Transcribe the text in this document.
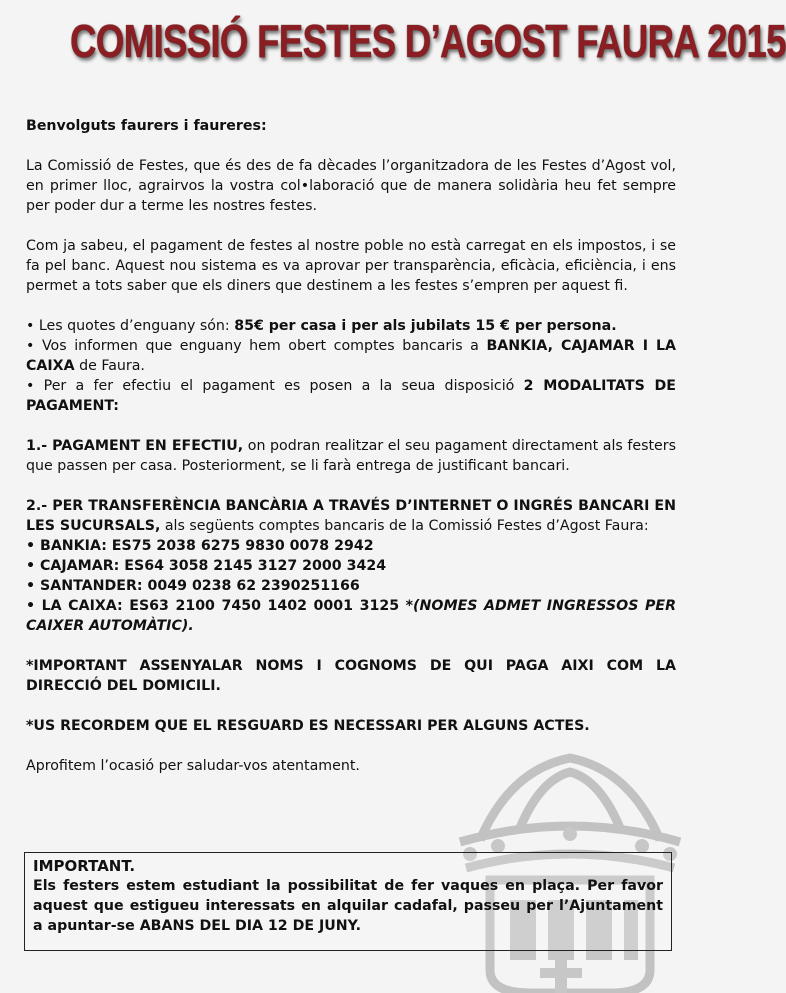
COMISSIÓ FESTES D’AGOST FAURA 2015

Benvolguts faurers i faureres:

La Comissió de Festes, que és des de fa dècades l’organitzadora de les Festes d’Agost vol, en primer lloc, agrairvos la vostra col•laboració que de manera solidària heu fet sempre per poder dur a terme les nostres festes.

Com ja sabeu, el pagament de festes al nostre poble no està carregat en els impostos, i se fa pel banc. Aquest nou sistema es va aprovar per transparència, eficàcia, eficiència, i ens permet a tots saber que els diners que destinem a les festes s’empren per aquest fi.

• Les quotes d’enguany són: 85€ per casa i per als jubilats 15 € per persona.

• Vos informen que enguany hem obert comptes bancaris a BANKIA, CAJAMAR I LA CAIXA de Faura.

• Per a fer efectiu el pagament es posen a la seua disposició 2 MODALITATS DE PAGAMENT:

1.- PAGAMENT EN EFECTIU, on podran realitzar el seu pagament directament als festers que passen per casa. Posteriorment, se li farà entrega de justificant bancari.

2.- PER TRANSFERÈNCIA BANCÀRIA A TRAVÉS D’INTERNET O INGRÉS BANCARI EN LES SUCURSALS, als següents comptes bancaris de la Comissió Festes d’Agost Faura:

• BANKIA: ES75 2038 6275 9830 0078 2942

• CAJAMAR: ES64 3058 2145 3127 2000 3424

• SANTANDER: 0049 0238 62 2390251166

• LA CAIXA: ES63 2100 7450 1402 0001 3125 *(NOMES ADMET INGRESSOS PER CAIXER AUTOMÀTIC).

*IMPORTANT ASSENYALAR NOMS I COGNOMS DE QUI PAGA AIXI COM LA DIRECCIÓ DEL DOMICILI.

*US RECORDEM QUE EL RESGUARD ES NECESSARI PER ALGUNS ACTES.

Aprofitem l’ocasió per saludar-vos atentament.

IMPORTANT.
Els festers estem estudiant la possibilitat de fer vaques en plaça. Per favor aquest que estigueu interessats en alquilar cadafal, passeu per l’Ajuntament a apuntar-se ABANS DEL DIA 12 DE JUNY.
